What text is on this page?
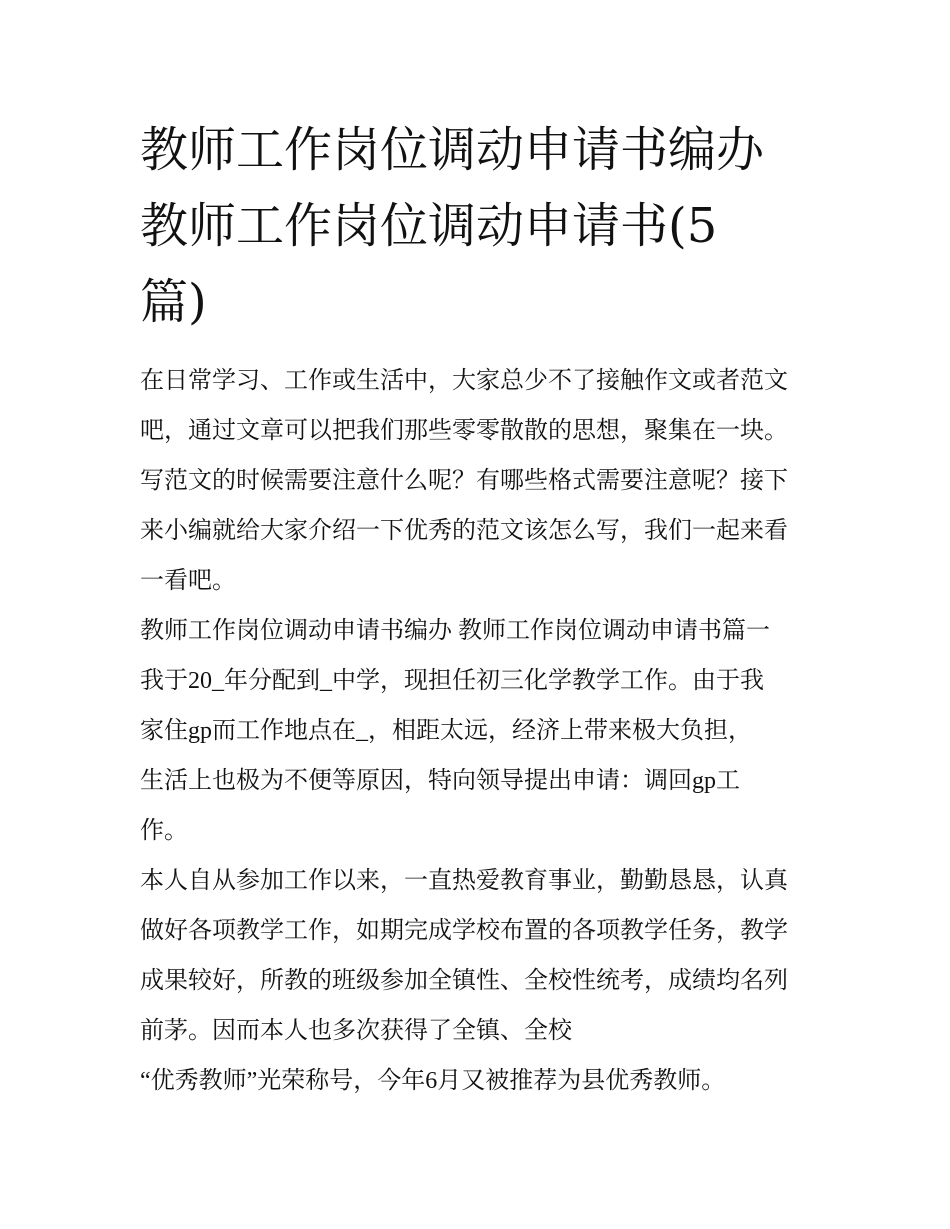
教师工作岗位调动申请书编办
教师工作岗位调动申请书(5
篇)
在日常学习、工作或生活中，大家总少不了接触作文或者范文
吧，通过文章可以把我们那些零零散散的思想，聚集在一块。
写范文的时候需要注意什么呢？有哪些格式需要注意呢？接下
来小编就给大家介绍一下优秀的范文该怎么写，我们一起来看
一看吧。
教师工作岗位调动申请书编办 教师工作岗位调动申请书篇一
我于20_年分配到_中学，现担任初三化学教学工作。由于我
家住gp而工作地点在_，相距太远，经济上带来极大负担，
生活上也极为不便等原因，特向领导提出申请：调回gp工
作。
本人自从参加工作以来，一直热爱教育事业，勤勤恳恳，认真
做好各项教学工作，如期完成学校布置的各项教学任务，教学
成果较好，所教的班级参加全镇性、全校性统考，成绩均名列
前茅。因而本人也多次获得了全镇、全校
“优秀教师”光荣称号，今年6月又被推荐为县优秀教师。
